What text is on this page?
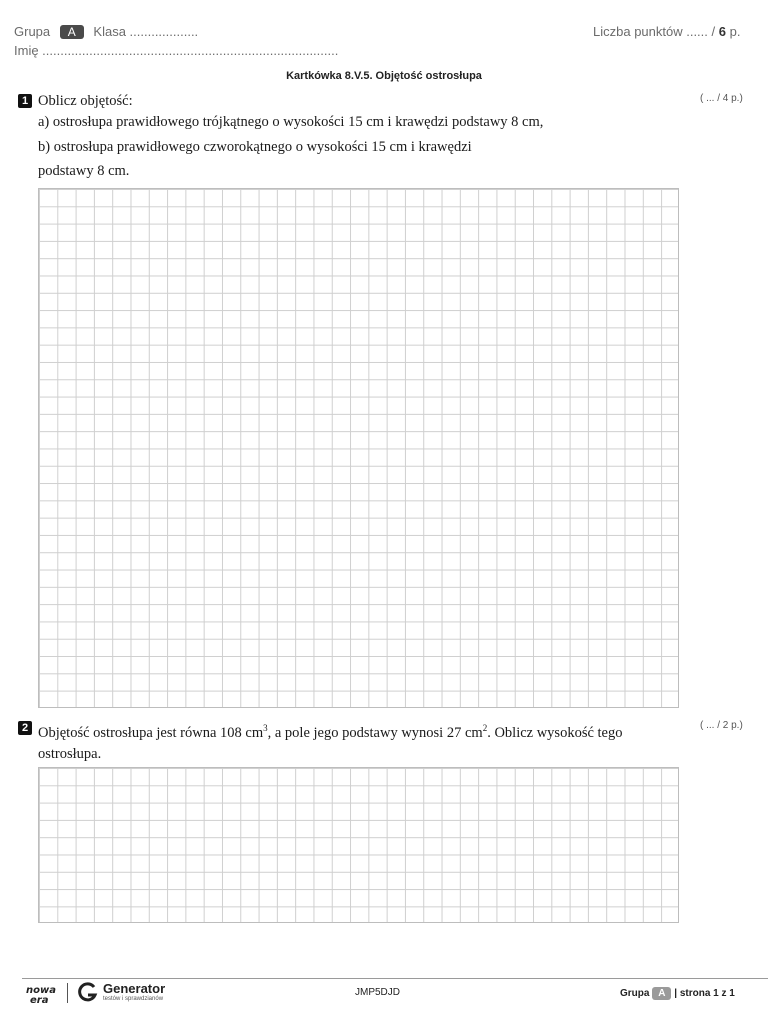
Grupa A Klasa ...................
Imię ..................................................................................
Liczba punktów ...... / 6 p.
Kartkówka 8.V.5. Objętość ostrosłupa
1	( ... / 4 p.)
Oblicz objętość:
a) ostrosłupa prawidłowego trójkątnego o wysokości 15 cm i krawędzi podstawy 8 cm,
b) ostrosłupa prawidłowego czworokątnego o wysokości 15 cm i krawędzi
podstawy 8 cm.
2	( ... / 2 p.)
Objętość ostrosłupa jest równa 108 $cm^3$, a pole jego podstawy wynosi 27 $cm^2$. Oblicz wysokość tego
ostrosłupa.
nowa
era
Generator
testów i sprawdzianów
JMP5DJD	Grupa A | strona 1 z 1
